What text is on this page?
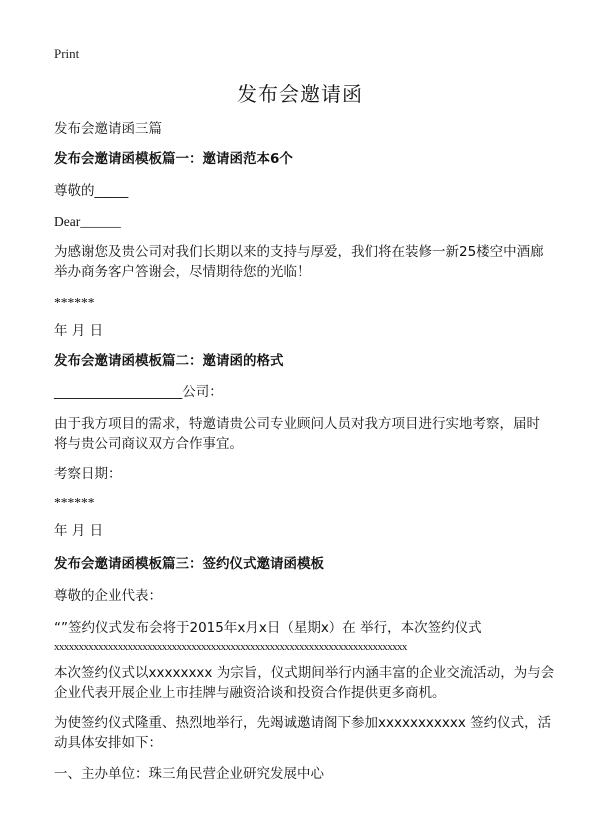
Print
发布会邀请函
发布会邀请函三篇
发布会邀请函模板篇一：邀请函范本6个
尊敬的_____
Dear______
为感谢您及贵公司对我们长期以来的支持与厚爱，我们将在装修一新25楼空中酒廊
举办商务客户答谢会，尽情期待您的光临！
******
年 月 日
发布会邀请函模板篇二：邀请函的格式
___________________公司：
由于我方项目的需求，特邀请贵公司专业顾问人员对我方项目进行实地考察，届时
将与贵公司商议双方合作事宜。
考察日期：
******
年 月 日
发布会邀请函模板篇三：签约仪式邀请函模板
尊敬的企业代表：
“”签约仪式发布会将于2015年x月x日（星期x）在 举行，本次签约仪式
xxxxxxxxxxxxxxxxxxxxxxxxxxxxxxxxxxxxxxxxxxxxxxxxxxxxxxxxxxxxxxxxxxxxxxxx
本次签约仪式以xxxxxxxx 为宗旨，仪式期间举行内涵丰富的企业交流活动，为与会
企业代表开展企业上市挂牌与融资洽谈和投资合作提供更多商机。
为使签约仪式隆重、热烈地举行，先竭诚邀请阁下参加xxxxxxxxxxx 签约仪式，活
动具体安排如下：
一、主办单位：珠三角民营企业研究发展中心
